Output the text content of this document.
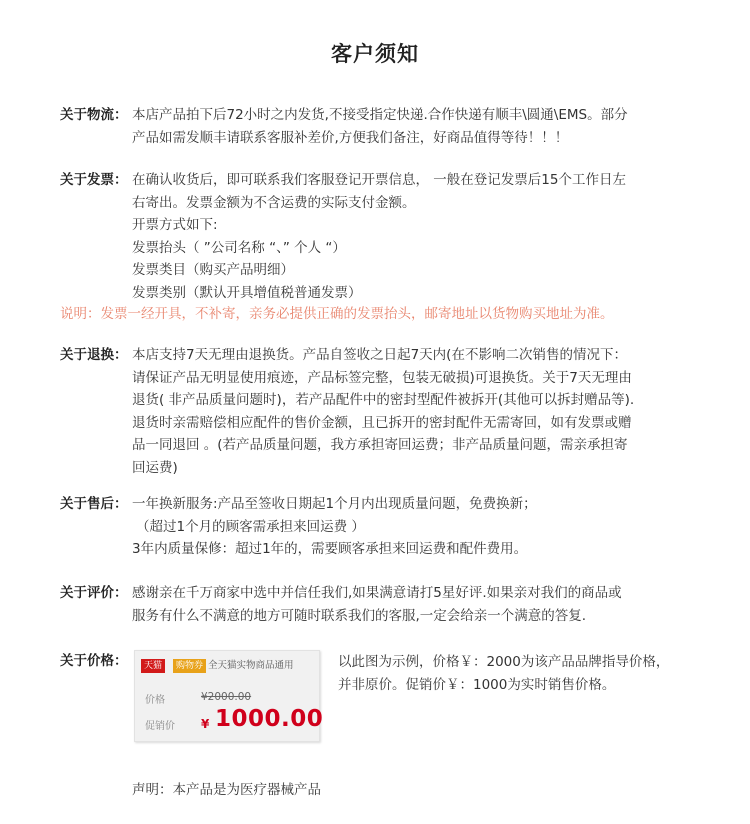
客户须知
关于物流： 本店产品拍下后72小时之内发货,不接受指定快递.合作快递有顺丰\圆通\EMS。部分
产品如需发顺丰请联系客服补差价,方便我们备注，好商品值得等待！！！
关于发票： 在确认收货后，即可联系我们客服登记开票信息， 一般在登记发票后15个工作日左
右寄出。发票金额为不含运费的实际支付金额。
开票方式如下:
发票抬头（ ”公司名称 “、” 个人 “）
发票类目（购买产品明细）
发票类别（默认开具增值税普通发票）
说明：发票一经开具，不补寄，亲务必提供正确的发票抬头，邮寄地址以货物购买地址为准。
关于退换： 本店支持7天无理由退换货。产品自签收之日起7天内(在不影响二次销售的情况下：
请保证产品无明显使用痕迹，产品标签完整，包装无破损)可退换货。关于7天无理由
退货( 非产品质量问题时)，若产品配件中的密封型配件被拆开(其他可以拆封赠品等).
退货时亲需赔偿相应配件的售价金额，且已拆开的密封配件无需寄回，如有发票或赠
品一同退回 。(若产品质量问题，我方承担寄回运费；非产品质量问题，需亲承担寄
回运费)
关于售后： 一年换新服务:产品至签收日期起1个月内出现质量问题，免费换新；
（超过1个月的顾客需承担来回运费 ）
3年内质量保修：超过1年的，需要顾客承担来回运费和配件费用。
关于评价： 感谢亲在千万商家中选中并信任我们,如果满意请打5星好评.如果亲对我们的商品或
服务有什么不满意的地方可随时联系我们的客服,一定会给亲一个满意的答复.
关于价格：	天猫	购物券 全天猫实物商品通用
价格	¥2000.00
促销价 ¥ 1000.00
以此图为示例，价格￥：2000为该产品品牌指导价格，
并非原价。促销价￥：1000为实时销售价格。
声明：本产品是为医疗器械产品
